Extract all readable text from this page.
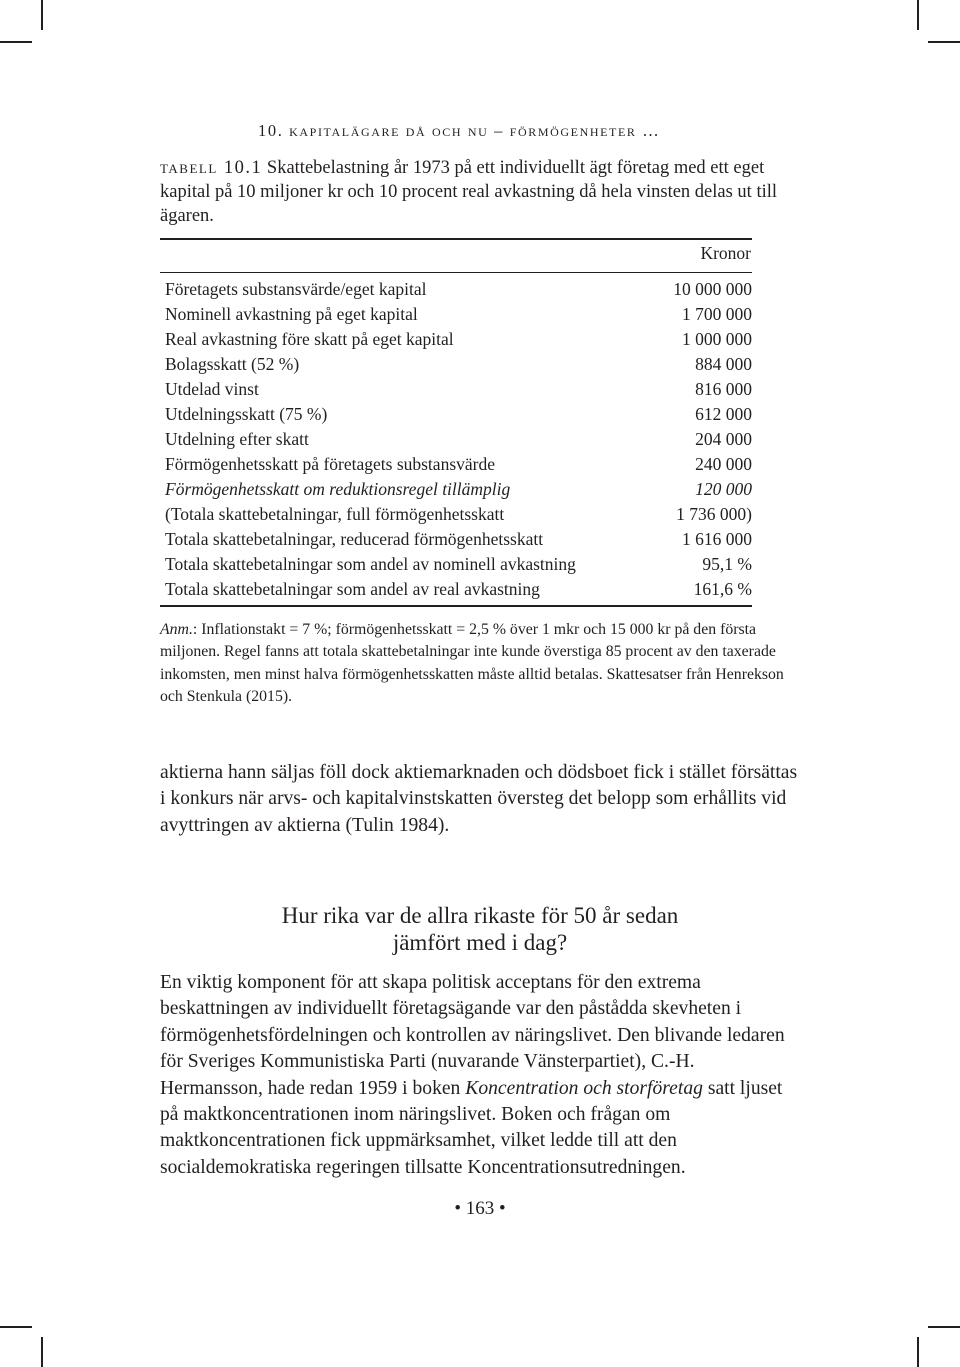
10. kapitalägare då och nu – förmögenheter …
tabell 10.1 Skattebelastning år 1973 på ett individuellt ägt företag med ett eget kapital på 10 miljoner kr och 10 procent real avkastning då hela vinsten delas ut till ägaren.
Kronor
Företagets substansvärde/eget kapital	10 000 000
Nominell avkastning på eget kapital	1 700 000
Real avkastning före skatt på eget kapital	1 000 000
Bolagsskatt (52 %)	884 000
Utdelad vinst	816 000
Utdelningsskatt (75 %)	612 000
Utdelning efter skatt	204 000
Förmögenhetsskatt på företagets substansvärde	240 000
Förmögenhetsskatt om reduktionsregel tillämplig	120 000
(Totala skattebetalningar, full förmögenhetsskatt	1 736 000)
Totala skattebetalningar, reducerad förmögenhetsskatt	1 616 000
Totala skattebetalningar som andel av nominell avkastning	95,1 %
Totala skattebetalningar som andel av real avkastning	161,6 %
Anm.: Inflationstakt = 7 %; förmögenhetsskatt = 2,5 % över 1 mkr och 15 000 kr på den första miljonen. Regel fanns att totala skattebetalningar inte kunde överstiga 85 procent av den taxerade inkomsten, men minst halva förmögenhetsskatten måste alltid betalas. Skattesatser från Henrekson och Stenkula (2015).

aktierna hann säljas föll dock aktiemarknaden och dödsboet fick i stället försättas i konkurs när arvs- och kapitalvinstskatten översteg det belopp som erhållits vid avyttringen av aktierna (Tulin 1984).

Hur rika var de allra rikaste för 50 år sedan
jämfört med i dag?

En viktig komponent för att skapa politisk acceptans för den extrema beskattningen av individuellt företagsägande var den påstådda skevheten i förmögenhetsfördelningen och kontrollen av näringslivet. Den blivande ledaren för Sveriges Kommunistiska Parti (nuvarande Vänsterpartiet), C.-H. Hermansson, hade redan 1959 i boken Koncentration och storföretag satt ljuset på maktkoncentrationen inom näringslivet. Boken och frågan om maktkoncentrationen fick uppmärksamhet, vilket ledde till att den socialdemokratiska regeringen tillsatte Koncentrationsutredningen.

• 163 •
